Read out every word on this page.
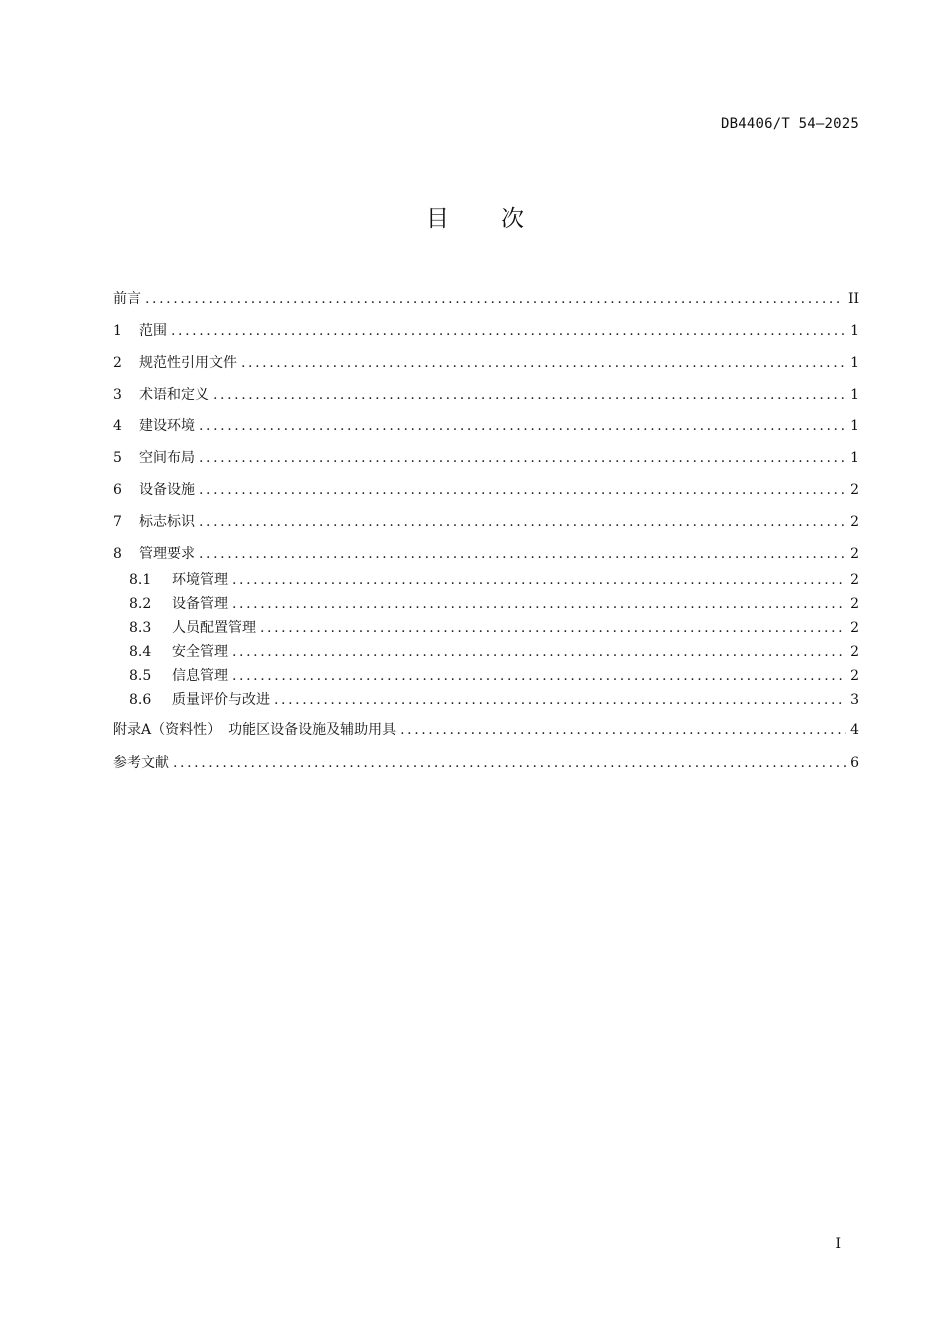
DB4406/T 54—2025
目 次
前言 .....	II
1	范围 .....	1
2	规范性引用文件 .....	1
3	术语和定义 .....	1
4	建设环境 .....	1
5	空间布局 .....	1
6	设备设施 .....	2
7	标志标识 .....	2
8	管理要求 .....	2
8.1	环境管理 .....	2
8.2	设备管理 .....	2
8.3	人员配置管理 .....	2
8.4	安全管理 .....	2
8.5	信息管理 .....	2
8.6	质量评价与改进 .....	3
附录A（资料性）　功能区设备设施及辅助用具 .....	4
参考文献 .....	6
I
